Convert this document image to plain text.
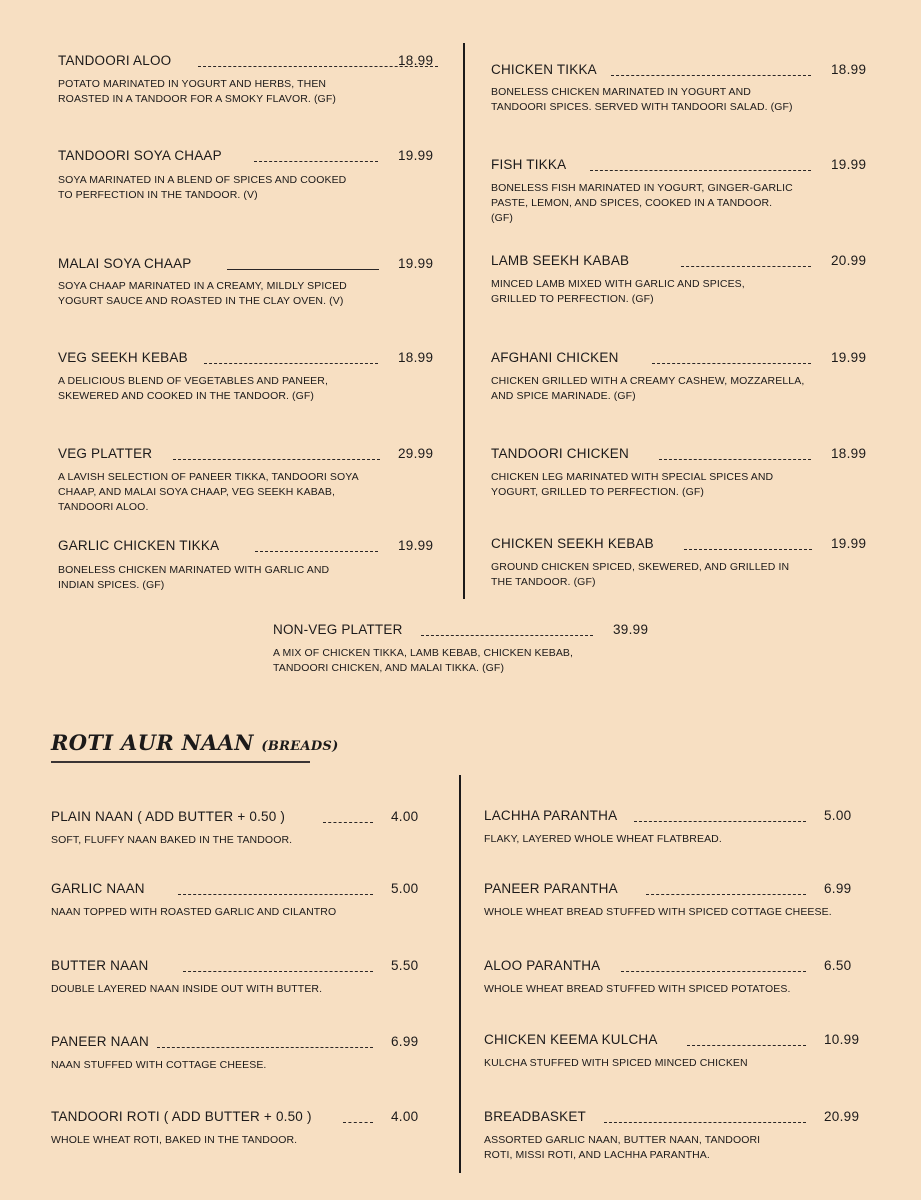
TANDOORI ALOO	18.99
POTATO MARINATED IN YOGURT AND HERBS, THEN
ROASTED IN A TANDOOR FOR A SMOKY FLAVOR. (GF)
TANDOORI SOYA CHAAP	19.99
SOYA MARINATED IN A BLEND OF SPICES AND COOKED
TO PERFECTION IN THE TANDOOR. (V)
MALAI SOYA CHAAP	19.99
SOYA CHAAP MARINATED IN A CREAMY, MILDLY SPICED
YOGURT SAUCE AND ROASTED IN THE CLAY OVEN. (V)
VEG SEEKH KEBAB	18.99
A DELICIOUS BLEND OF VEGETABLES AND PANEER,
SKEWERED AND COOKED IN THE TANDOOR. (GF)
VEG PLATTER	29.99
A LAVISH SELECTION OF PANEER TIKKA, TANDOORI SOYA
CHAAP, AND MALAI SOYA CHAAP, VEG SEEKH KABAB,
TANDOORI ALOO.
GARLIC CHICKEN TIKKA	19.99
BONELESS CHICKEN MARINATED WITH GARLIC AND
INDIAN SPICES. (GF)
CHICKEN TIKKA	18.99
BONELESS CHICKEN MARINATED IN YOGURT AND
TANDOORI SPICES. SERVED WITH TANDOORI SALAD. (GF)
FISH TIKKA	19.99
BONELESS FISH MARINATED IN YOGURT, GINGER-GARLIC
PASTE, LEMON, AND SPICES, COOKED IN A TANDOOR.
(GF)
LAMB SEEKH KABAB	20.99
MINCED LAMB MIXED WITH GARLIC AND SPICES,
GRILLED TO PERFECTION. (GF)
AFGHANI CHICKEN	19.99
CHICKEN GRILLED WITH A CREAMY CASHEW, MOZZARELLA,
AND SPICE MARINADE. (GF)
TANDOORI CHICKEN	18.99
CHICKEN LEG MARINATED WITH SPECIAL SPICES AND
YOGURT, GRILLED TO PERFECTION. (GF)
CHICKEN SEEKH KEBAB	19.99
GROUND CHICKEN SPICED, SKEWERED, AND GRILLED IN
THE TANDOOR. (GF)
NON-VEG PLATTER	39.99
A MIX OF CHICKEN TIKKA, LAMB KEBAB, CHICKEN KEBAB,
TANDOORI CHICKEN, AND MALAI TIKKA. (GF)
ROTI AUR NAAN (BREADS)
PLAIN NAAN ( ADD BUTTER + 0.50 )	4.00
SOFT, FLUFFY NAAN BAKED IN THE TANDOOR.
GARLIC NAAN	5.00
NAAN TOPPED WITH ROASTED GARLIC AND CILANTRO
BUTTER NAAN	5.50
DOUBLE LAYERED NAAN INSIDE OUT WITH BUTTER.
PANEER NAAN	6.99
NAAN STUFFED WITH COTTAGE CHEESE.
TANDOORI ROTI ( ADD BUTTER + 0.50 )	4.00
WHOLE WHEAT ROTI, BAKED IN THE TANDOOR.
LACHHA PARANTHA	5.00
FLAKY, LAYERED WHOLE WHEAT FLATBREAD.
PANEER PARANTHA	6.99
WHOLE WHEAT BREAD STUFFED WITH SPICED COTTAGE CHEESE.
ALOO PARANTHA	6.50
WHOLE WHEAT BREAD STUFFED WITH SPICED POTATOES.
CHICKEN KEEMA KULCHA	10.99
KULCHA STUFFED WITH SPICED MINCED CHICKEN
BREADBASKET	20.99
ASSORTED GARLIC NAAN, BUTTER NAAN, TANDOORI
ROTI, MISSI ROTI, AND LACHHA PARANTHA.
